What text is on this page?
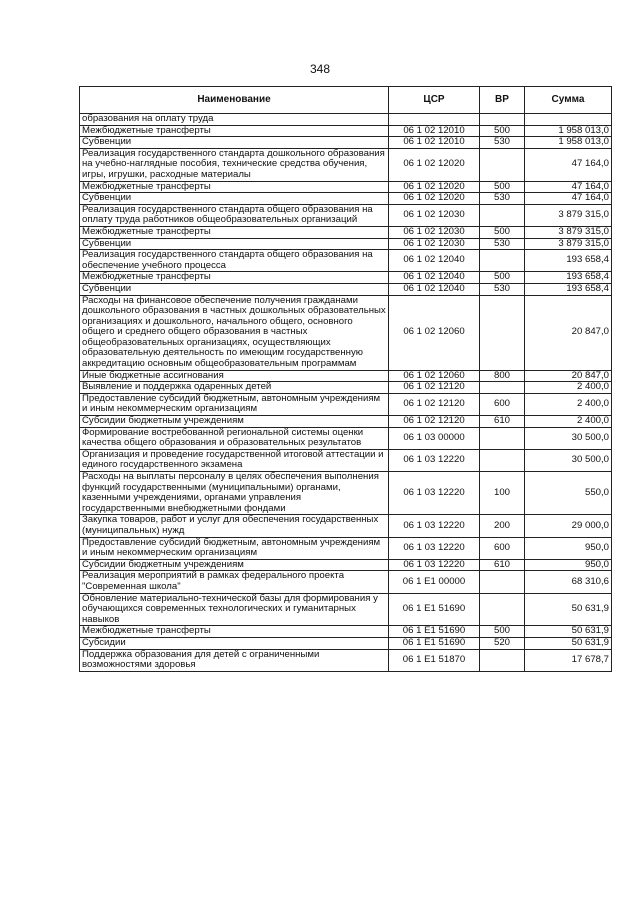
348
Наименование	ЦСР	ВР	Сумма
образования на оплату труда			
Межбюджетные трансферты	06 1 02 12010	500	1 958 013,0
Субвенции	06 1 02 12010	530	1 958 013,0
Реализация государственного стандарта дошкольного образования на учебно-наглядные пособия, технические средства обучения, игры, игрушки, расходные материалы	06 1 02 12020		47 164,0
Межбюджетные трансферты	06 1 02 12020	500	47 164,0
Субвенции	06 1 02 12020	530	47 164,0
Реализация государственного стандарта общего образования на оплату труда работников общеобразовательных организаций	06 1 02 12030		3 879 315,0
Межбюджетные трансферты	06 1 02 12030	500	3 879 315,0
Субвенции	06 1 02 12030	530	3 879 315,0
Реализация государственного стандарта общего образования на обеспечение учебного процесса	06 1 02 12040		193 658,4
Межбюджетные трансферты	06 1 02 12040	500	193 658,4
Субвенции	06 1 02 12040	530	193 658,4
Расходы на финансовое обеспечение получения гражданами дошкольного образования в частных дошкольных образовательных организациях и дошкольного, начального общего, основного общего и среднего общего образования в частных общеобразовательных организациях, осуществляющих образовательную деятельность по имеющим государственную аккредитацию основным общеобразовательным программам	06 1 02 12060		20 847,0
Иные бюджетные ассигнования	06 1 02 12060	800	20 847,0
Выявление и поддержка одаренных детей	06 1 02 12120		2 400,0
Предоставление субсидий бюджетным, автономным учреждениям и иным некоммерческим организациям	06 1 02 12120	600	2 400,0
Субсидии бюджетным учреждениям	06 1 02 12120	610	2 400,0
Формирование востребованной региональной системы оценки качества общего образования и образовательных результатов	06 1 03 00000		30 500,0
Организация и проведение государственной итоговой аттестации и единого государственного экзамена	06 1 03 12220		30 500,0
Расходы на выплаты персоналу в целях обеспечения выполнения функций государственными (муниципальными) органами, казенными учреждениями, органами управления государственными внебюджетными фондами	06 1 03 12220	100	550,0
Закупка товаров, работ и услуг для обеспечения государственных (муниципальных) нужд	06 1 03 12220	200	29 000,0
Предоставление субсидий бюджетным, автономным учреждениям и иным некоммерческим организациям	06 1 03 12220	600	950,0
Субсидии бюджетным учреждениям	06 1 03 12220	610	950,0
Реализация мероприятий в рамках федерального проекта "Современная школа"	06 1 E1 00000		68 310,6
Обновление материально-технической базы для формирования у обучающихся современных технологических и гуманитарных навыков	06 1 E1 51690		50 631,9
Межбюджетные трансферты	06 1 E1 51690	500	50 631,9
Субсидии	06 1 E1 51690	520	50 631,9
Поддержка образования для детей с ограниченными возможностями здоровья	06 1 E1 51870		17 678,7
